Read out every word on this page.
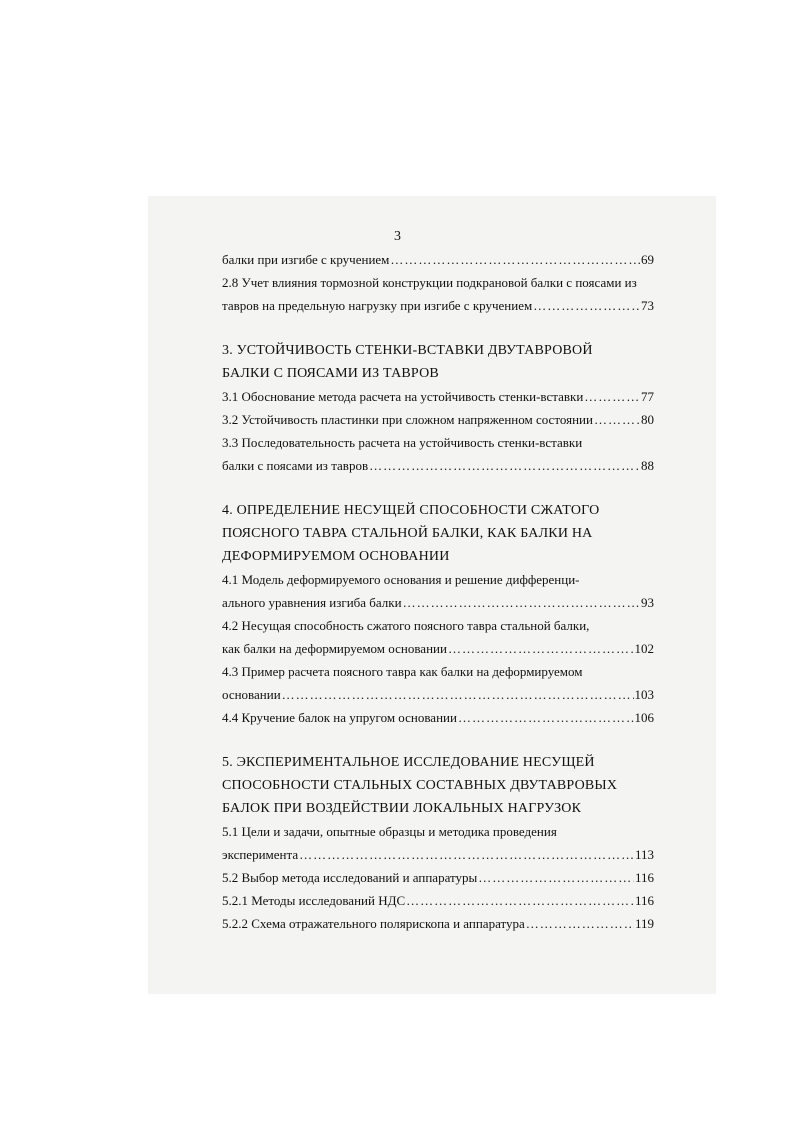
3
балки при изгибе с кручением ……………………………………………………………………………………………………………………………………	69
2.8 Учет влияния тормозной конструкции подкрановой балки с поясами из
тавров на предельную нагрузку при изгибе с кручением ……………………………………………………………………………………………………………………………………	73
3. УСТОЙЧИВОСТЬ СТЕНКИ-ВСТАВКИ ДВУТАВРОВОЙ
БАЛКИ С ПОЯСАМИ ИЗ ТАВРОВ
3.1 Обоснование метода расчета на устойчивость стенки-вставки ……………………………………………………………………………………………………………………………………	77
3.2 Устойчивость пластинки при сложном напряженном состоянии ……………………………………………………………………………………………………………………………………	80
3.3 Последовательность расчета на устойчивость стенки-вставки
балки с поясами из тавров ……………………………………………………………………………………………………………………………………	88
4. ОПРЕДЕЛЕНИЕ НЕСУЩЕЙ СПОСОБНОСТИ СЖАТОГО
ПОЯСНОГО ТАВРА СТАЛЬНОЙ БАЛКИ, КАК БАЛКИ НА
ДЕФОРМИРУЕМОМ ОСНОВАНИИ
4.1 Модель деформируемого основания и решение дифференци-
ального уравнения изгиба балки ……………………………………………………………………………………………………………………………………	93
4.2 Несущая способность сжатого поясного тавра стальной балки,
как балки на деформируемом основании ……………………………………………………………………………………………………………………………………	102
4.3 Пример расчета поясного тавра как балки на деформируемом
основании ……………………………………………………………………………………………………………………………………	103
4.4 Кручение балок на упругом основании ……………………………………………………………………………………………………………………………………	106
5. ЭКСПЕРИМЕНТАЛЬНОЕ ИССЛЕДОВАНИЕ НЕСУЩЕЙ
СПОСОБНОСТИ СТАЛЬНЫХ СОСТАВНЫХ ДВУТАВРОВЫХ
БАЛОК ПРИ ВОЗДЕЙСТВИИ ЛОКАЛЬНЫХ НАГРУЗОК
5.1 Цели и задачи, опытные образцы и методика проведения
эксперимента ……………………………………………………………………………………………………………………………………	113
5.2 Выбор метода исследований и аппаратуры ……………………………………………………………………………………………………………………………………	116
5.2.1 Методы исследований НДС ……………………………………………………………………………………………………………………………………	116
5.2.2 Схема отражательного полярископа и аппаратура ……………………………………………………………………………………………………………………………………	119
